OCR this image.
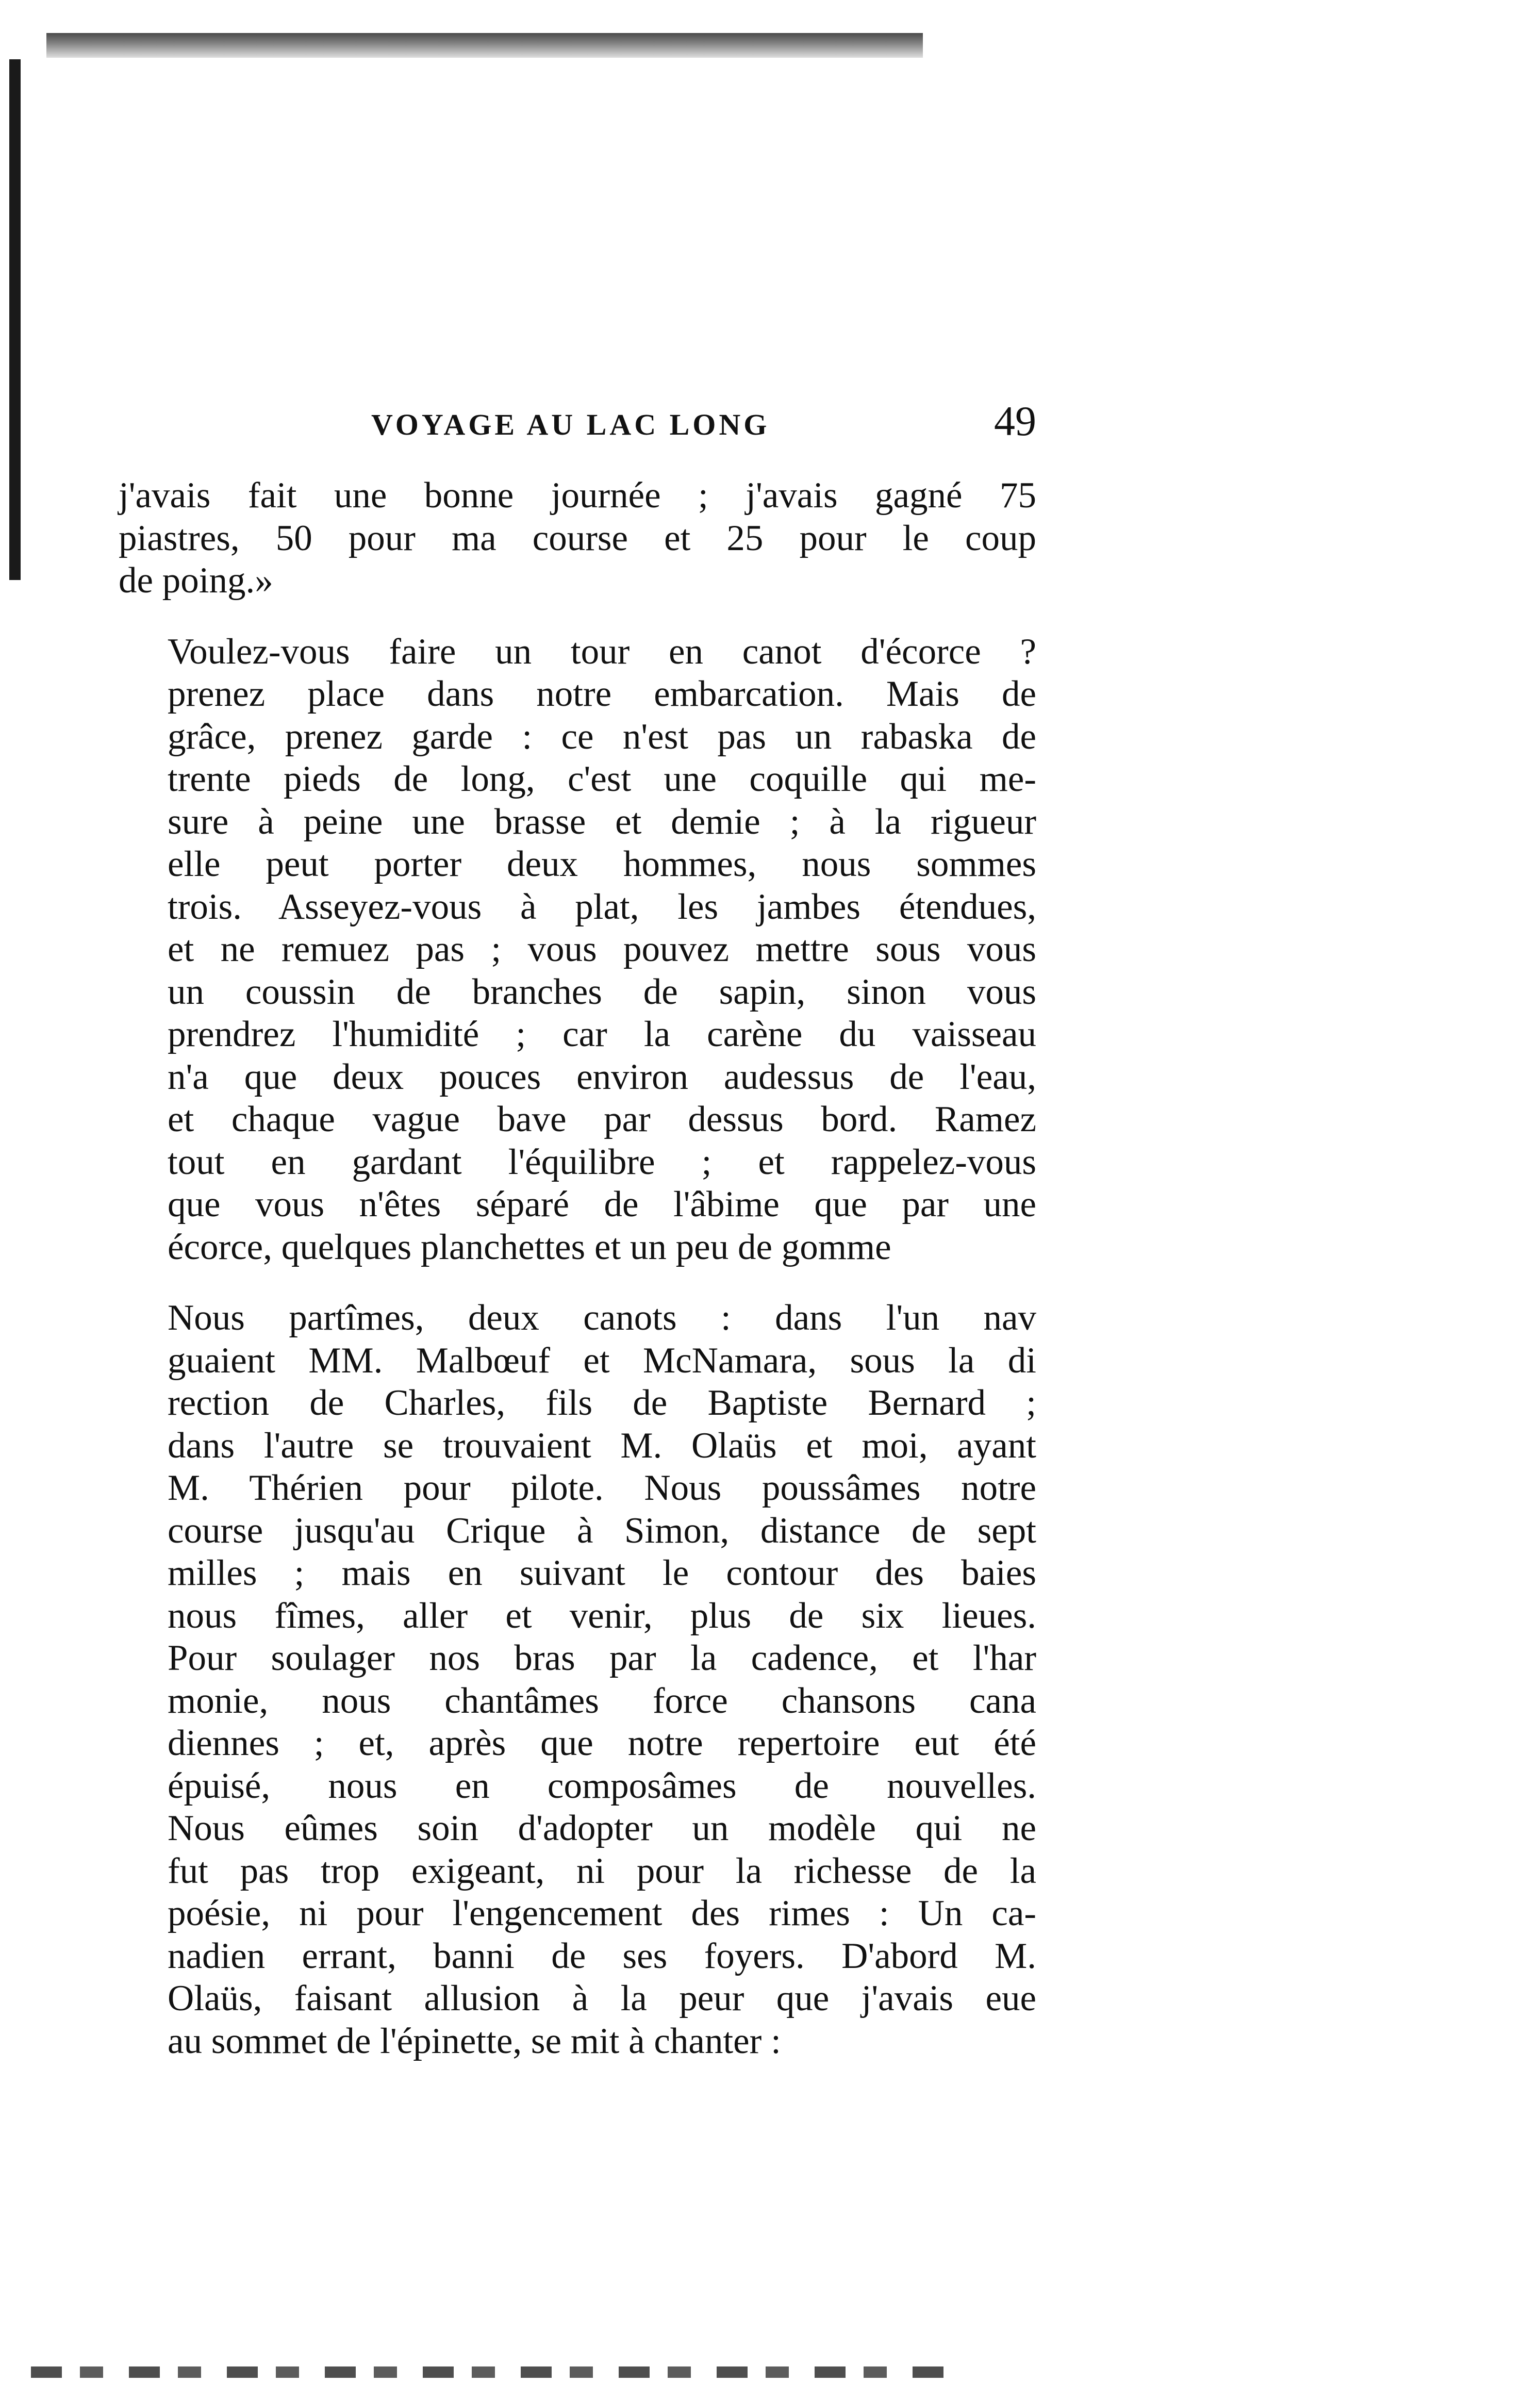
VOYAGE AU LAC LONG	49

j'avais fait une bonne journée ; j'avais gagné 75
piastres, 50 pour ma course et 25 pour le coup
de poing.»

Voulez-vous faire un tour en canot d'écorce ?
prenez place dans notre embarcation. Mais de
grâce, prenez garde : ce n'est pas un rabaska de
trente pieds de long, c'est une coquille qui me-
sure à peine une brasse et demie ; à la rigueur
elle peut porter deux hommes, nous sommes
trois. Asseyez-vous à plat, les jambes étendues,
et ne remuez pas ; vous pouvez mettre sous vous
un coussin de branches de sapin, sinon vous
prendrez l'humidité ; car la carène du vaisseau
n'a que deux pouces environ audessus de l'eau,
et chaque vague bave par dessus bord. Ramez
tout en gardant l'équilibre ; et rappelez-vous
que vous n'êtes séparé de l'âbime que par une
écorce, quelques planchettes et un peu de gomme

Nous partîmes, deux canots : dans l'un nav
guaient MM. Malbœuf et McNamara, sous la di
rection de Charles, fils de Baptiste Bernard ;
dans l'autre se trouvaient M. Olaüs et moi, ayant
M. Thérien pour pilote. Nous poussâmes notre
course jusqu'au Crique à Simon, distance de sept
milles ; mais en suivant le contour des baies
nous fîmes, aller et venir, plus de six lieues.
Pour soulager nos bras par la cadence, et l'har
monie, nous chantâmes force chansons cana
diennes ; et, après que notre repertoire eut été
épuisé, nous en composâmes de nouvelles.
Nous eûmes soin d'adopter un modèle qui ne
fut pas trop exigeant, ni pour la richesse de la
poésie, ni pour l'engencement des rimes : Un ca-
nadien errant, banni de ses foyers. D'abord M.
Olaüs, faisant allusion à la peur que j'avais eue
au sommet de l'épinette, se mit à chanter :
